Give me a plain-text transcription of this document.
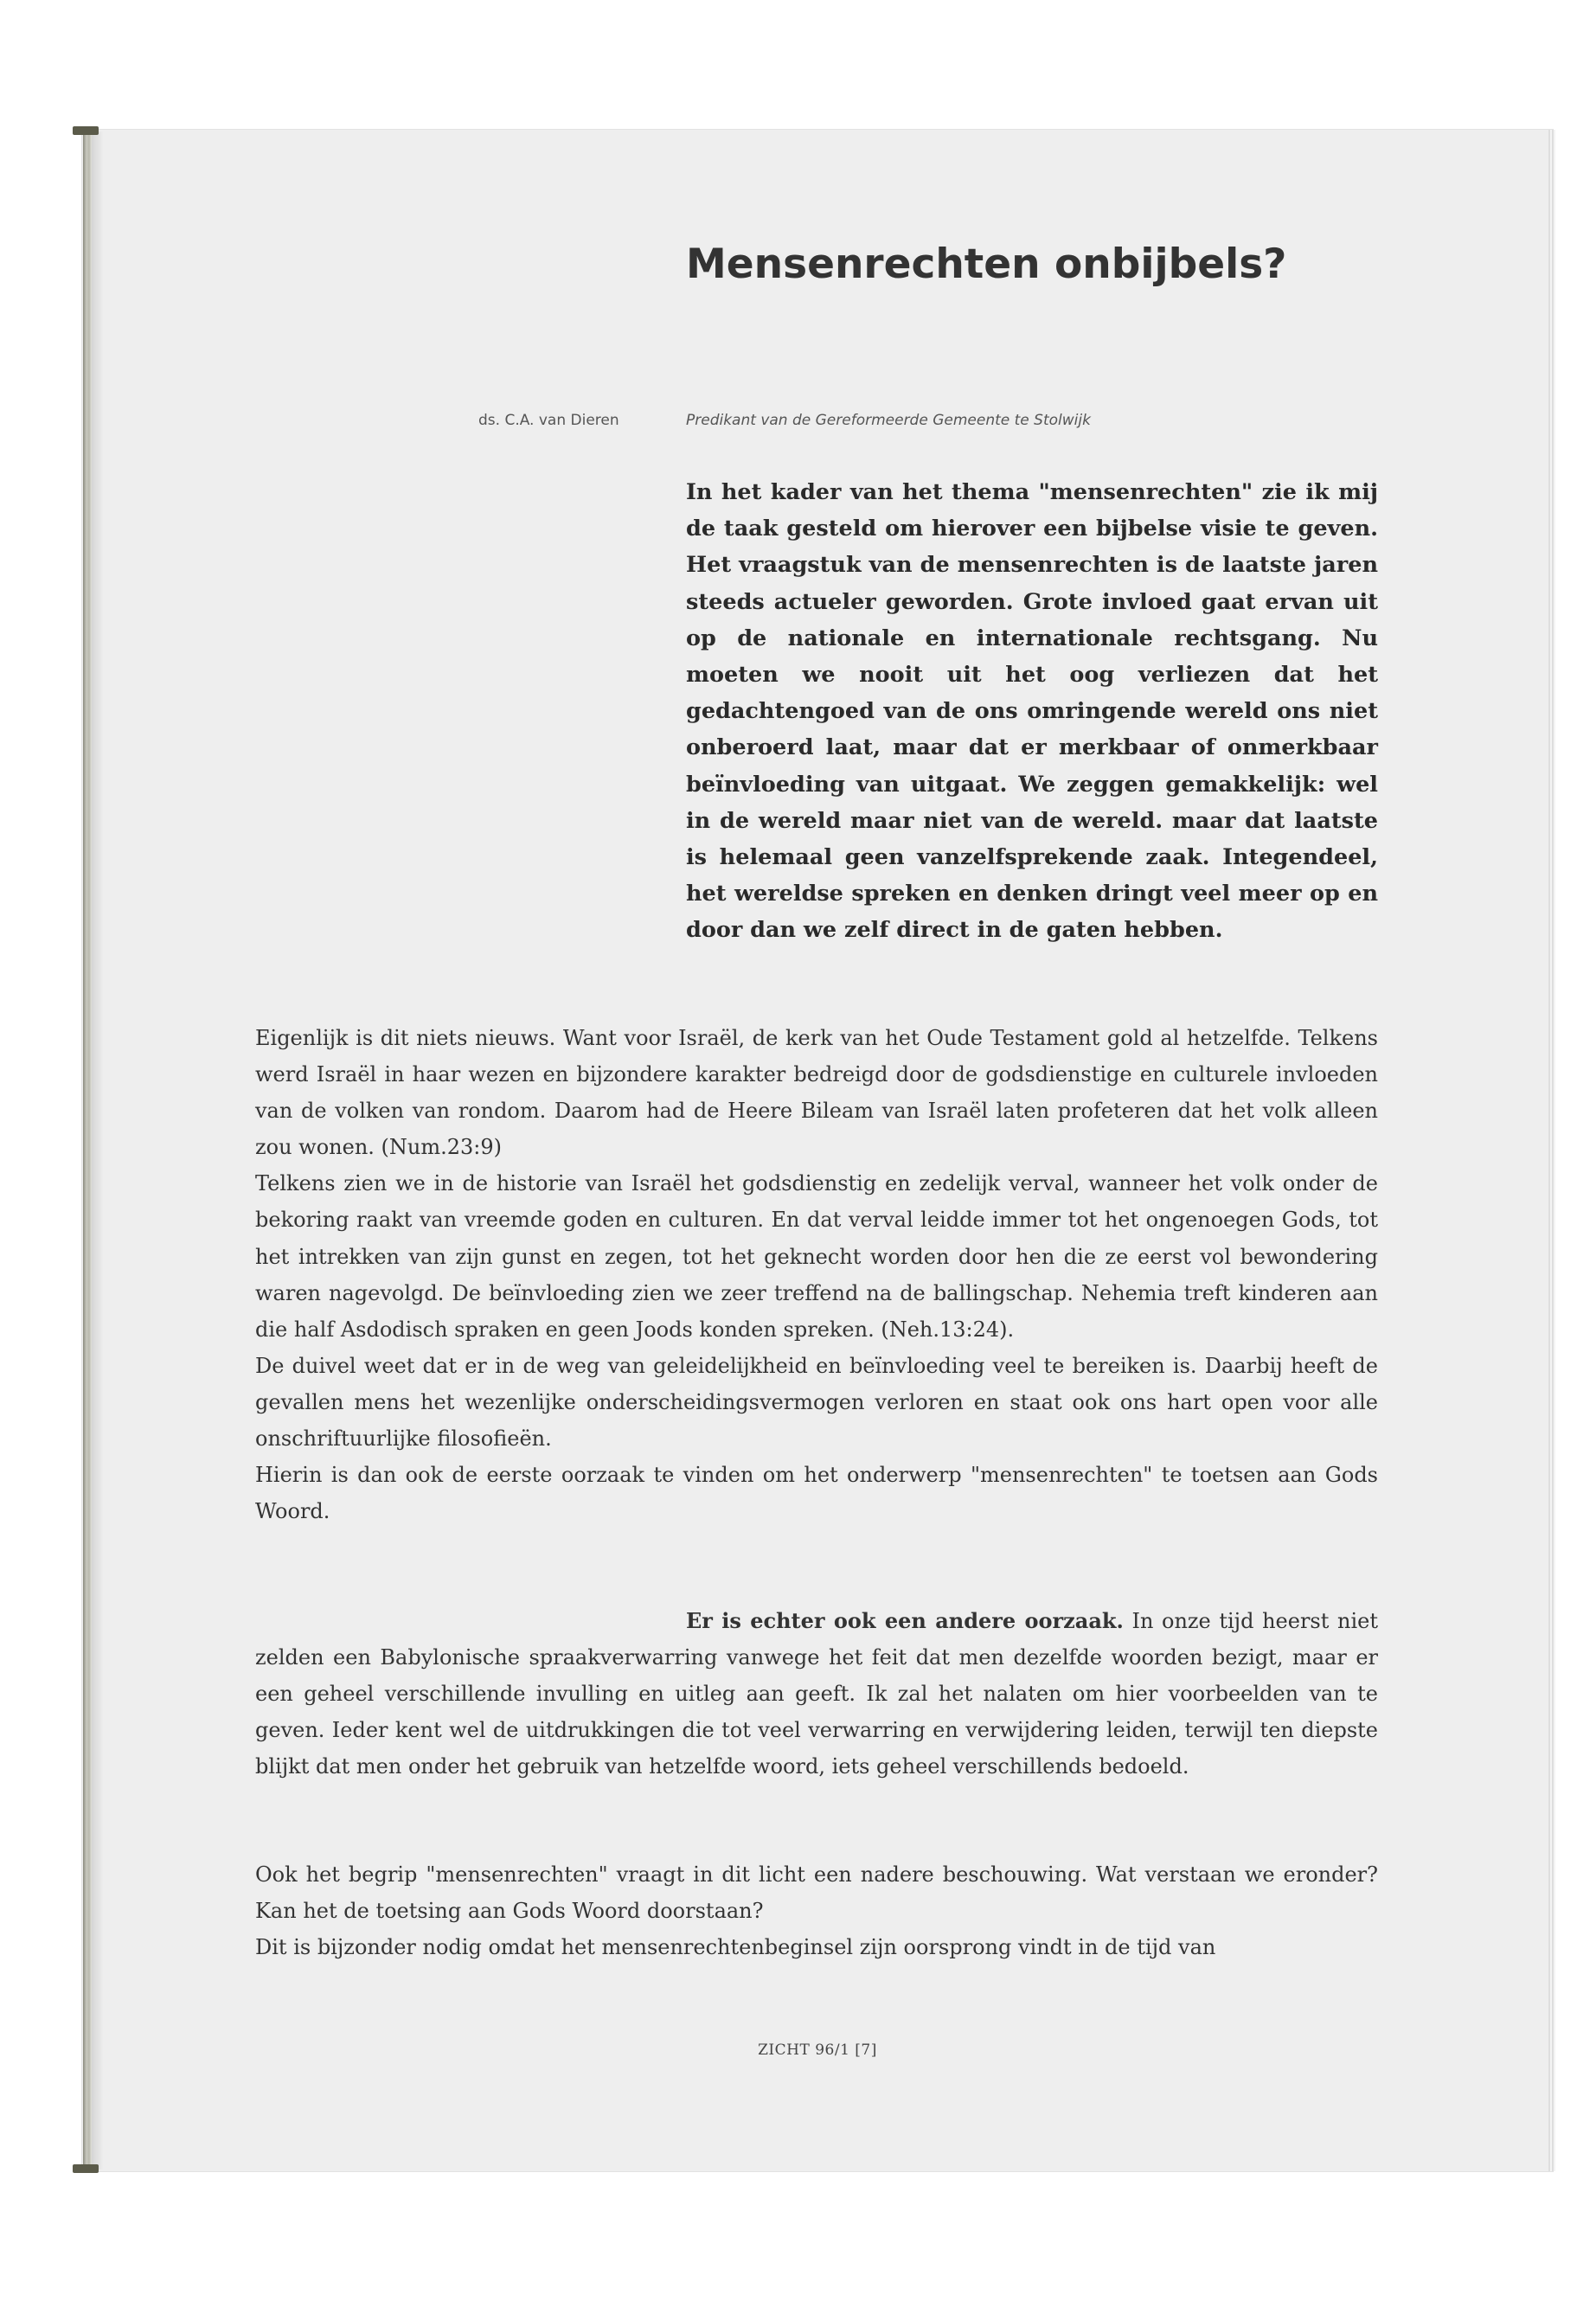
Mensenrechten onbijbels?
ds. C.A. van Dieren	Predikant van de Gereformeerde Gemeente te Stolwijk

In het kader van het thema "mensenrechten" zie ik mij de taak gesteld om hierover een bijbelse visie te geven. Het vraagstuk van de mensenrechten is de laatste jaren steeds actueler geworden. Grote invloed gaat ervan uit op de nationale en internationale rechtsgang. Nu moeten we nooit uit het oog verliezen dat het gedachtengoed van de ons omringende wereld ons niet onberoerd laat, maar dat er merkbaar of onmerkbaar beïnvloeding van uitgaat. We zeggen gemakkelijk: wel in de wereld maar niet van de wereld. maar dat laatste is helemaal geen vanzelfsprekende zaak. Integendeel, het wereldse spreken en denken dringt veel meer op en door dan we zelf direct in de gaten hebben.

Eigenlijk is dit niets nieuws. Want voor Israël, de kerk van het Oude Testament gold al hetzelfde. Telkens werd Israël in haar wezen en bijzondere karakter bedreigd door de godsdienstige en culturele invloeden van de volken van rondom. Daarom had de Heere Bileam van Israël laten profeteren dat het volk alleen zou wonen. (Num.23:9)

Telkens zien we in de historie van Israël het godsdienstig en zedelijk verval, wanneer het volk onder de bekoring raakt van vreemde goden en culturen. En dat verval leidde immer tot het ongenoegen Gods, tot het intrekken van zijn gunst en zegen, tot het geknecht worden door hen die ze eerst vol bewondering waren nagevolgd. De beïnvloeding zien we zeer treffend na de ballingschap. Nehemia treft kinderen aan die half Asdodisch spraken en geen Joods konden spreken. (Neh.13:24).

De duivel weet dat er in de weg van geleidelijkheid en beïnvloeding veel te bereiken is. Daarbij heeft de gevallen mens het wezenlijke onderscheidingsvermogen verloren en staat ook ons hart open voor alle onschriftuurlijke filosofieën.

Hierin is dan ook de eerste oorzaak te vinden om het onderwerp "mensenrechten" te toetsen aan Gods Woord.

Er is echter ook een andere oorzaak. In onze tijd heerst niet zelden een Babylonische spraakverwarring vanwege het feit dat men dezelfde woorden bezigt, maar er een geheel verschillende invulling en uitleg aan geeft. Ik zal het nalaten om hier voorbeelden van te geven. Ieder kent wel de uitdrukkingen die tot veel verwarring en verwijdering leiden, terwijl ten diepste blijkt dat men onder het gebruik van hetzelfde woord, iets geheel verschillends bedoeld.

Ook het begrip "mensenrechten" vraagt in dit licht een nadere beschouwing. Wat verstaan we eronder? Kan het de toetsing aan Gods Woord doorstaan?

Dit is bijzonder nodig omdat het mensenrechtenbeginsel zijn oorsprong vindt in de tijd van

ZICHT 96/1 [7]
